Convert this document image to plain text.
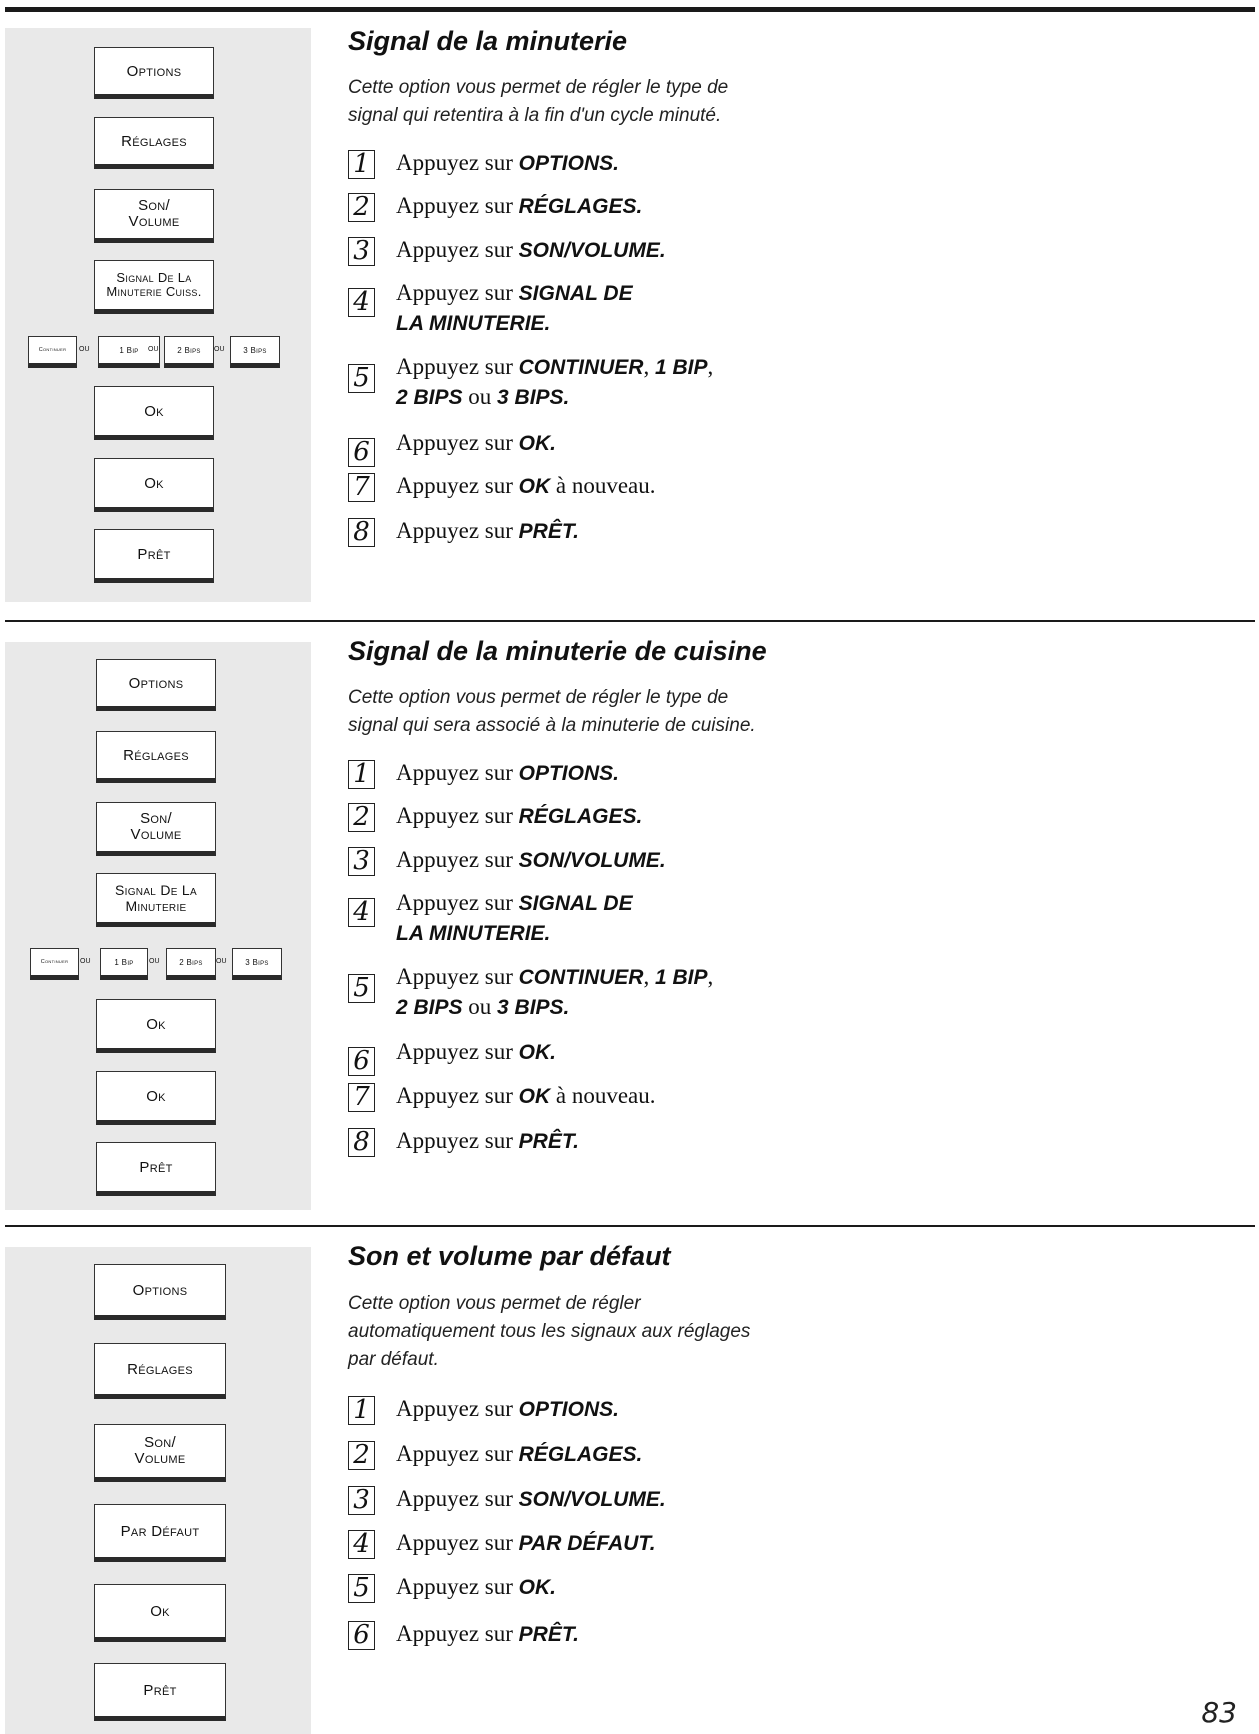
Options
Réglages
Son/
Volume
Signal De La
Minuterie Cuiss.
Continuer	ou	1 Bip ou	2 Bips	ou	3 Bips
Ok
Ok
Prêt
Signal de la minuterie
Cette option vous permet de régler le type de
signal qui retentira à la fin d'un cycle minuté.
1 Appuyez sur OPTIONS.
2 Appuyez sur RÉGLAGES.
3 Appuyez sur SON/VOLUME.
4 Appuyez sur SIGNAL DE
LA MINUTERIE.
5 Appuyez sur CONTINUER, 1 BIP,
2 BIPS ou 3 BIPS.
6 Appuyez sur OK.
7 Appuyez sur OK à nouveau.
8 Appuyez sur PRÊT.
Options
Réglages
Son/
Volume
Signal De La
Minuterie
Continuer	ou	1 Bip	ou	2 Bips	ou	3 Bips
Ok
Ok
Prêt
Signal de la minuterie de cuisine
Cette option vous permet de régler le type de
signal qui sera associé à la minuterie de cuisine.
1 Appuyez sur OPTIONS.
2 Appuyez sur RÉGLAGES.
3 Appuyez sur SON/VOLUME.
4 Appuyez sur SIGNAL DE
LA MINUTERIE.
5 Appuyez sur CONTINUER, 1 BIP,
2 BIPS ou 3 BIPS.
6 Appuyez sur OK.
7 Appuyez sur OK à nouveau.
8 Appuyez sur PRÊT.
Options
Réglages
Son/
Volume
Par Défaut
Ok
Prêt
Son et volume par défaut
Cette option vous permet de régler
automatiquement tous les signaux aux réglages
par défaut.
1 Appuyez sur OPTIONS.
2 Appuyez sur RÉGLAGES.
3 Appuyez sur SON/VOLUME.
4 Appuyez sur PAR DÉFAUT.
5 Appuyez sur OK.
6 Appuyez sur PRÊT.
83
